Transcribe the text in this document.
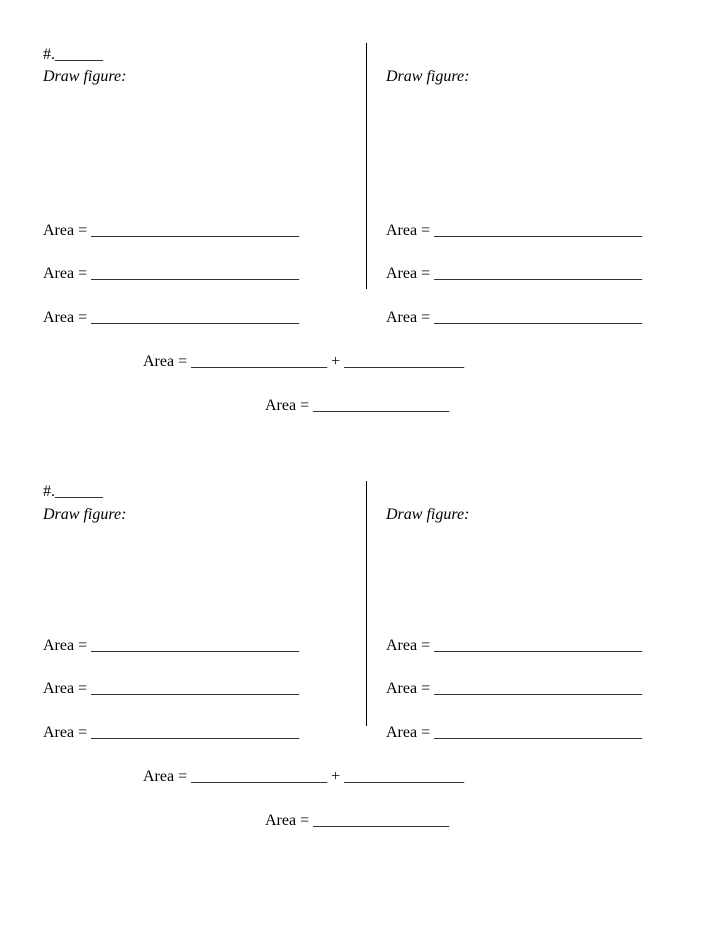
#.______
Draw figure:	Draw figure:
Area = __________________________
Area = __________________________
Area = __________________________
Area = __________________________
Area = __________________________
Area = __________________________
Area = _________________ + _______________
Area = _________________
#.______
Draw figure:	Draw figure:
Area = __________________________
Area = __________________________
Area = __________________________
Area = __________________________
Area = __________________________
Area = __________________________
Area = _________________ + _______________
Area = _________________
